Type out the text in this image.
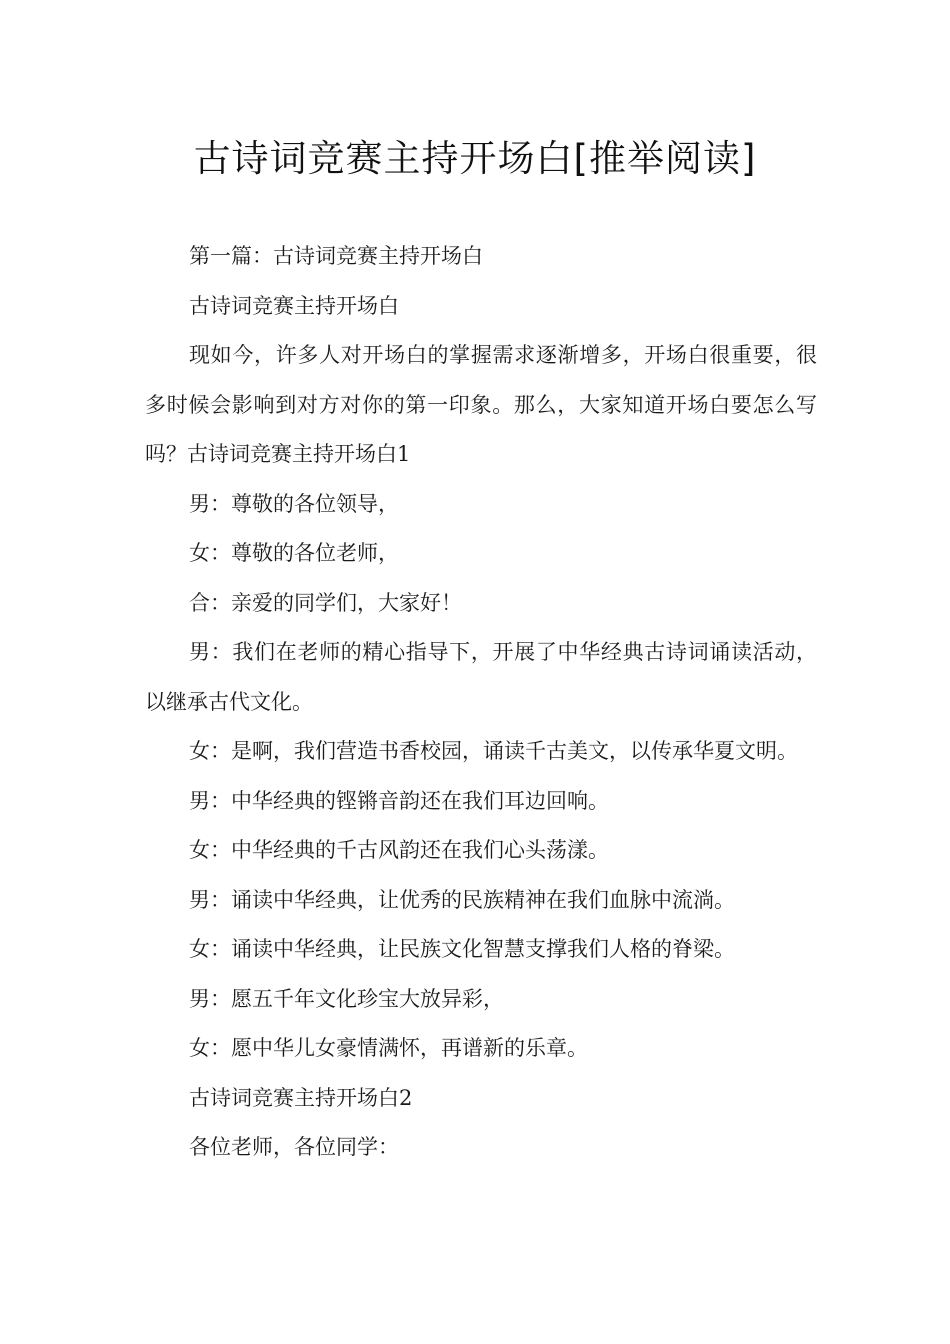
古诗词竞赛主持开场白[推举阅读]

第一篇：古诗词竞赛主持开场白

古诗词竞赛主持开场白

现如今，许多人对开场白的掌握需求逐渐增多，开场白很重要，很多时候会影响到对方对你的第一印象。那么，大家知道开场白要怎么写吗？古诗词竞赛主持开场白1

男：尊敬的各位领导，

女：尊敬的各位老师，

合：亲爱的同学们，大家好！

男：我们在老师的精心指导下，开展了中华经典古诗词诵读活动，以继承古代文化。

女：是啊，我们营造书香校园，诵读千古美文，以传承华夏文明。

男：中华经典的铿锵音韵还在我们耳边回响。

女：中华经典的千古风韵还在我们心头荡漾。

男：诵读中华经典，让优秀的民族精神在我们血脉中流淌。

女：诵读中华经典，让民族文化智慧支撑我们人格的脊梁。

男：愿五千年文化珍宝大放异彩，

女：愿中华儿女豪情满怀，再谱新的乐章。

古诗词竞赛主持开场白2

各位老师，各位同学：
